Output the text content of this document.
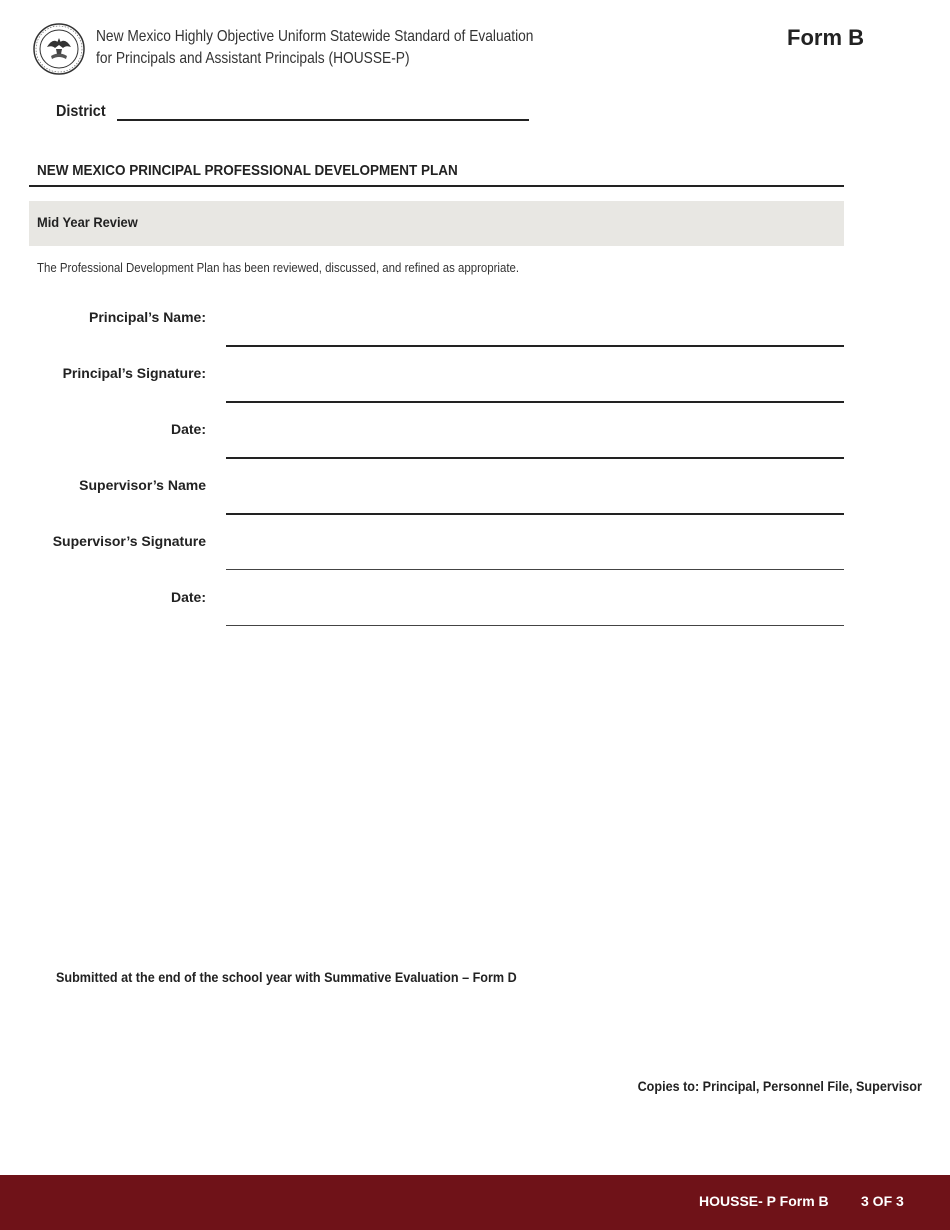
New Mexico Highly Objective Uniform Statewide Standard of Evaluation
for Principals and Assistant Principals (HOUSSE-P)
Form B
District
NEW MEXICO PRINCIPAL PROFESSIONAL DEVELOPMENT PLAN
Mid Year Review
The Professional Development Plan has been reviewed, discussed, and refined as appropriate.
Principal’s Name:
Principal’s Signature:
Date:
Supervisor’s Name
Supervisor’s Signature
Date:
Submitted at the end of the school year with Summative Evaluation – Form D
Copies to: Principal, Personnel File, Supervisor
HOUSSE- P Form B 3 OF 3
